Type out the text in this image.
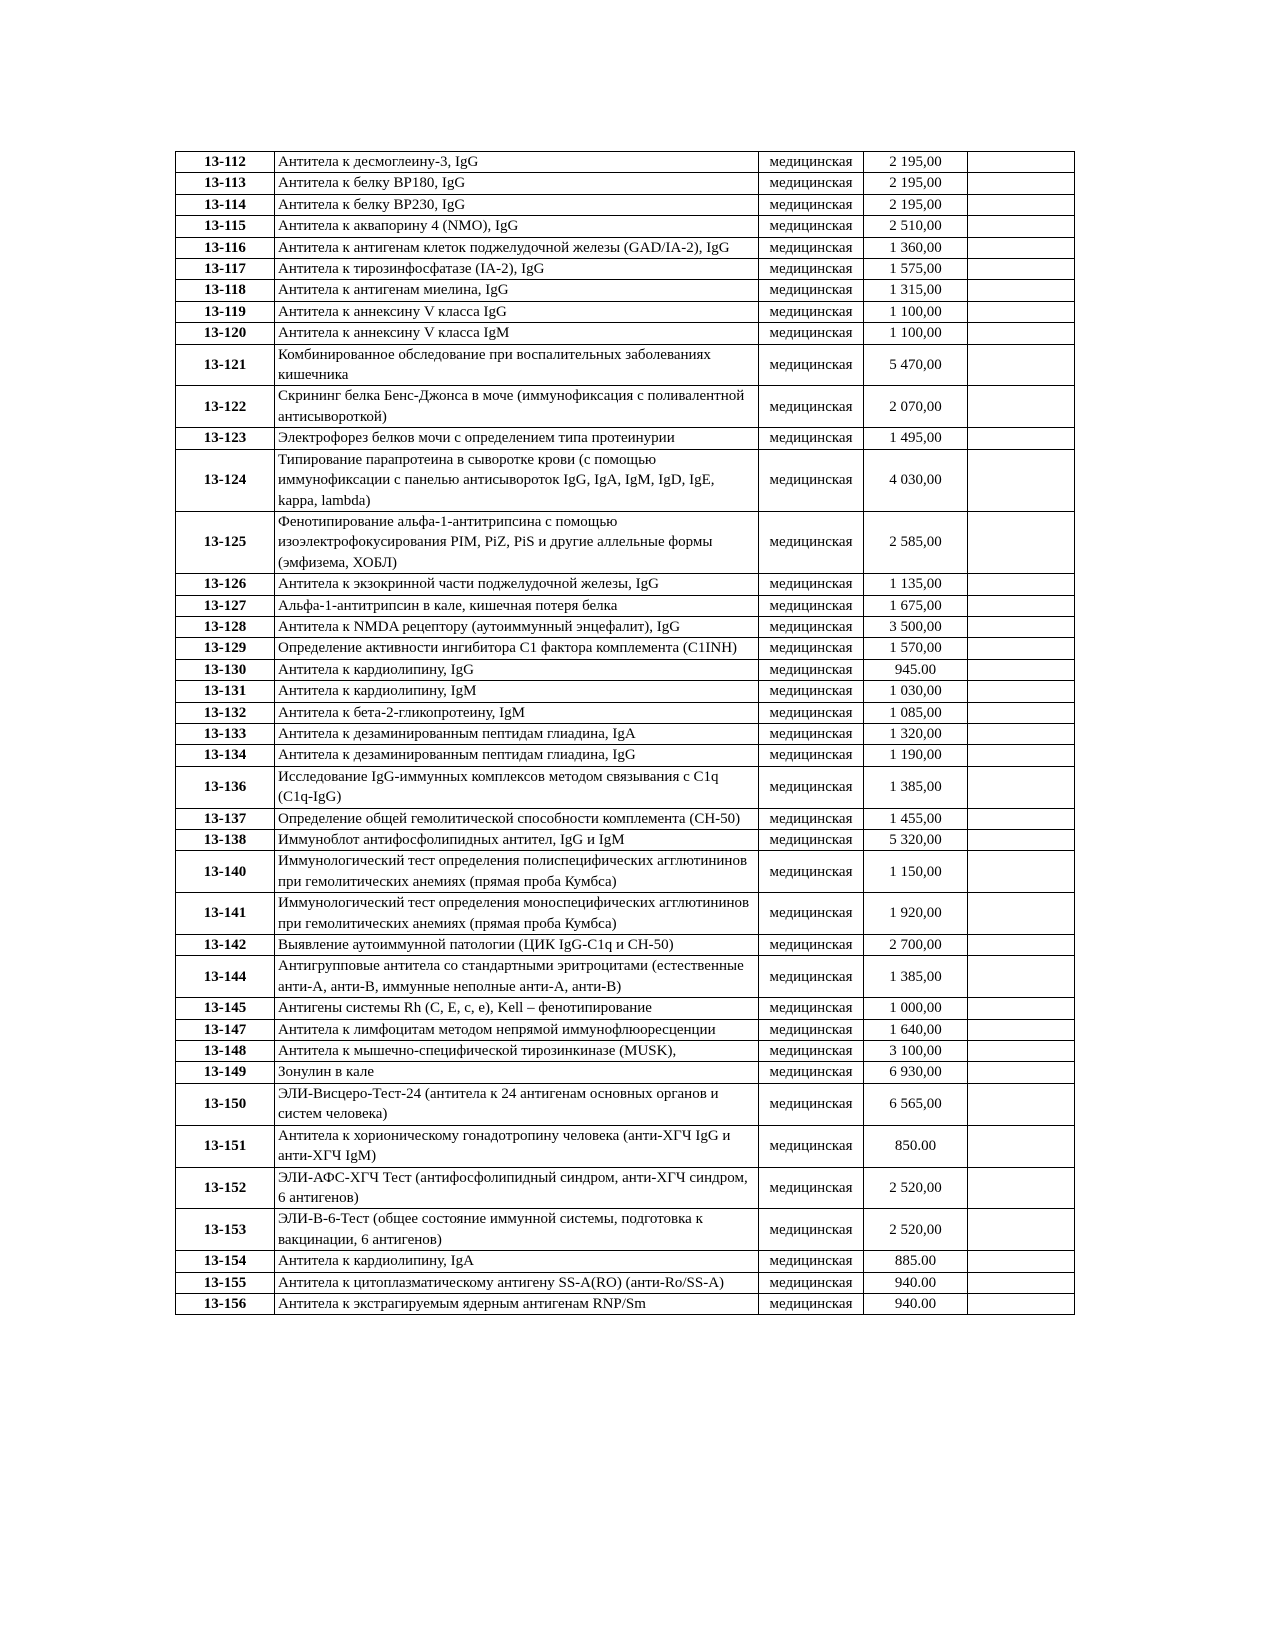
13-112	Антитела к десмоглеину-3, IgG	медицинская	2 195,00	
13-113	Антитела к белку BP180, IgG	медицинская	2 195,00	
13-114	Антитела к белку BP230, IgG	медицинская	2 195,00	
13-115	Антитела к аквапорину 4 (NMO), IgG	медицинская	2 510,00	
13-116	Антитела к антигенам клеток поджелудочной железы (GAD/IA-2), IgG	медицинская	1 360,00	
13-117	Антитела к тирозинфосфатазе (IA-2), IgG	медицинская	1 575,00	
13-118	Антитела к антигенам миелина, IgG	медицинская	1 315,00	
13-119	Антитела к аннексину V класса IgG	медицинская	1 100,00	
13-120	Антитела к аннексину V класса IgM	медицинская	1 100,00	
13-121	Комбинированное обследование при воспалительных заболеваниях кишечника	медицинская	5 470,00	
13-122	Скрининг белка Бенс-Джонса в моче (иммунофиксация с поливалентной антисывороткой)	медицинская	2 070,00	
13-123	Электрофорез белков мочи с определением типа протеинурии	медицинская	1 495,00	
13-124	Типирование парапротеина в сыворотке крови (с помощью иммунофиксации с панелью антисывороток IgG, IgA, IgM, IgD, IgE, kappa, lambda)	медицинская	4 030,00	
13-125	Фенотипирование альфа-1-антитрипсина с помощью изоэлектрофокусирования PIM, PiZ, PiS и другие аллельные формы (эмфизема, ХОБЛ)	медицинская	2 585,00	
13-126	Антитела к экзокринной части поджелудочной железы, IgG	медицинская	1 135,00	
13-127	Альфа-1-антитрипсин в кале, кишечная потеря белка	медицинская	1 675,00	
13-128	Антитела к NMDA рецептору (аутоиммунный энцефалит), IgG	медицинская	3 500,00	
13-129	Определение активности ингибитора С1 фактора комплемента (C1INH)	медицинская	1 570,00	
13-130	Антитела к кардиолипину, IgG	медицинская	945.00	
13-131	Антитела к кардиолипину, IgM	медицинская	1 030,00	
13-132	Антитела к бета-2-гликопротеину, IgM	медицинская	1 085,00	
13-133	Антитела к дезаминированным пептидам глиадина, IgA	медицинская	1 320,00	
13-134	Антитела к дезаминированным пептидам глиадина, IgG	медицинская	1 190,00	
13-136	Исследование IgG-иммунных комплексов методом связывания с C1q (C1q-IgG)	медицинская	1 385,00	
13-137	Определение общей гемолитической способности комплемента (CH-50)	медицинская	1 455,00	
13-138	Иммуноблот антифосфолипидных антител, IgG и IgM	медицинская	5 320,00	
13-140	Иммунологический тест определения полиспецифических агглютининов при гемолитических анемиях (прямая проба Кумбса)	медицинская	1 150,00	
13-141	Иммунологический тест определения моноспецифических агглютининов при гемолитических анемиях (прямая проба Кумбса)	медицинская	1 920,00	
13-142	Выявление аутоиммунной патологии (ЦИК IgG-C1q и CH-50)	медицинская	2 700,00	
13-144	Антигрупповые антитела со стандартными эритроцитами (естественные анти-А, анти-В, иммунные неполные анти-А, анти-В)	медицинская	1 385,00	
13-145	Антигены системы Rh (C, E, c, e), Kell – фенотипирование	медицинская	1 000,00	
13-147	Антитела к лимфоцитам методом непрямой иммунофлюоресценции	медицинская	1 640,00	
13-148	Антитела к мышечно-специфической тирозинкиназе (MUSK),	медицинская	3 100,00	
13-149	Зонулин в кале	медицинская	6 930,00	
13-150	ЭЛИ-Висцеро-Тест-24 (антитела к 24 антигенам основных органов и систем человека)	медицинская	6 565,00	
13-151	Антитела к хорионическому гонадотропину человека (анти-ХГЧ IgG и анти-ХГЧ IgM)	медицинская	850.00	
13-152	ЭЛИ-АФС-ХГЧ Тест (антифосфолипидный синдром, анти-ХГЧ синдром, 6 антигенов)	медицинская	2 520,00	
13-153	ЭЛИ-В-6-Тест (общее состояние иммунной системы, подготовка к вакцинации, 6 антигенов)	медицинская	2 520,00	
13-154	Антитела к кардиолипину, IgA	медицинская	885.00	
13-155	Антитела к цитоплазматическому антигену SS-A(RO) (анти-Ro/SS-A)	медицинская	940.00	
13-156	Антитела к экстрагируемым ядерным антигенам RNP/Sm	медицинская	940.00	
